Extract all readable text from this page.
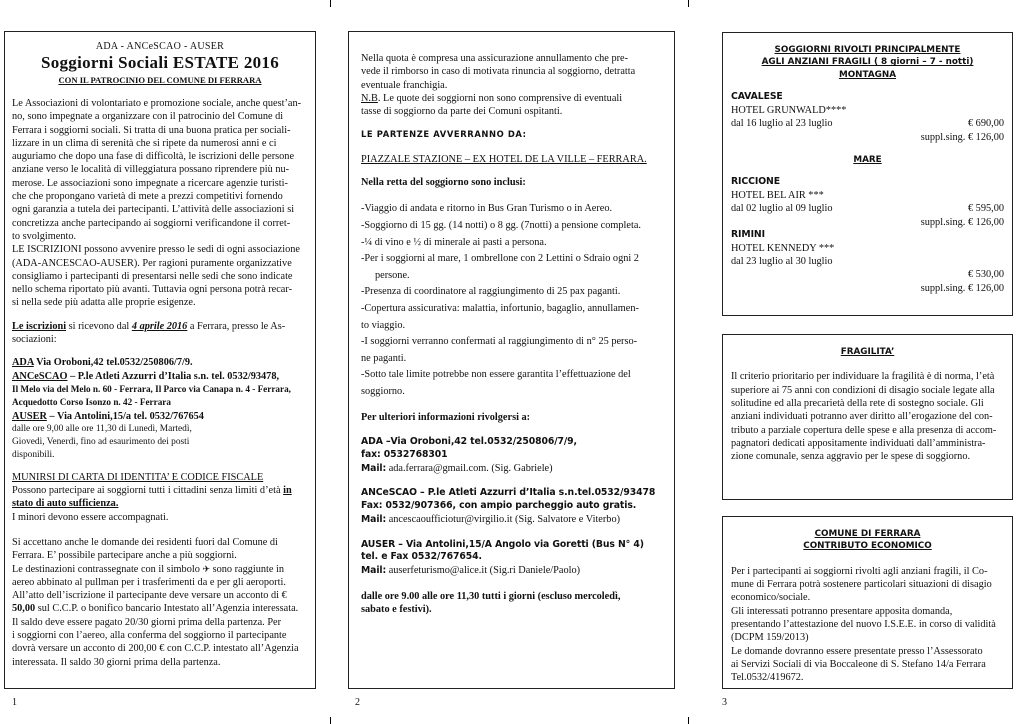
ADA - ANCeSCAO - AUSER
Soggiorni Sociali ESTATE 2016
CON IL PATROCINIO DEL COMUNE DI FERRARA

Le Associazioni di volontariato e promozione sociale, anche quest’an-

no, sono impegnate a organizzare con il patrocinio del Comune di

Ferrara i soggiorni sociali. Si tratta di una buona pratica per sociali-

lizzare in un clima di serenità che si ripete da numerosi anni e ci

auguriamo che dopo una fase di difficoltà, le iscrizioni delle persone

anziane verso le località di villeggiatura possano riprendere più nu-

merose. Le associazioni sono impegnate a ricercare agenzie turisti-

che che propongano varietà di mete a prezzi competitivi fornendo

ogni garanzia a tutela dei partecipanti. L’attività delle associazioni si

concretizza anche partecipando ai soggiorni verificandone il corret-

to svolgimento.

LE ISCRIZIONI possono avvenire presso le sedi di ogni associazione

(ADA-ANCESCAO-AUSER). Per ragioni puramente organizzative

consigliamo i partecipanti di presentarsi nelle sedi che sono indicate

nello schema riportato più avanti. Tuttavia ogni persona potrà recar-

si nella sede più adatta alle proprie esigenze.

Le iscrizioni si ricevono dal 4 aprile 2016 a Ferrara, presso le As-

sociazioni:

ADA Via Oroboni,42 tel.0532/250806/7/9.

ANCeSCAO – P.le Atleti Azzurri d’Italia s.n. tel. 0532/93478,

Il Melo via del Melo n. 60 - Ferrara, Il Parco via Canapa n. 4 - Ferrara,

Acquedotto Corso Isonzo n. 42 - Ferrara

AUSER – Via Antolini,15/a tel. 0532/767654

dalle ore 9,00 alle ore 11,30 di Lunedì, Martedì,

Giovedì, Venerdì, fino ad esaurimento dei posti

disponibili.

MUNIRSI DI CARTA DI IDENTITA’ E CODICE FISCALE

Possono partecipare ai soggiorni tutti i cittadini senza limiti d’età in

stato di auto sufficienza.

I minori devono essere accompagnati.

Si accettano anche le domande dei residenti fuori dal Comune di

Ferrara. E’ possibile partecipare anche a più soggiorni.

Le destinazioni contrassegnate con il simbolo ✈ sono raggiunte in

aereo abbinato al pullman per i trasferimenti da e per gli aeroporti.

All’atto dell’iscrizione il partecipante deve versare un acconto di €

50,00 sul C.C.P. o bonifico bancario Intestato all’Agenzia interessata.

Il saldo deve essere pagato 20/30 giorni prima della partenza. Per

i soggiorni con l’aereo, alla conferma del soggiorno il partecipante

dovrà versare un acconto di 200,00 € con C.C.P. intestato all’Agenzia

interessata. Il saldo 30 giorni prima della partenza.

Nella quota è compresa una assicurazione annullamento che pre-

vede il rimborso in caso di motivata rinuncia al soggiorno, detratta

eventuale franchigia.

N.B. Le quote dei soggiorni non sono comprensive di eventuali

tasse di soggiorno da parte dei Comuni ospitanti.

LE PARTENZE AVVERRANNO DA:
PIAZZALE STAZIONE – EX HOTEL DE LA VILLE – FERRARA.
Nella retta del soggiorno sono inclusi:

-Viaggio di andata e ritorno in Bus Gran Turismo o in Aereo.

-Soggiorno di 15 gg. (14 notti) o 8 gg. (7notti) a pensione completa.

-¼ di vino e ½ di minerale ai pasti a persona.

-Per i soggiorni al mare, 1 ombrellone con 2 Lettini o Sdraio ogni 2

persone.

-Presenza di coordinatore al raggiungimento di 25 pax paganti.

-Copertura assicurativa: malattia, infortunio, bagaglio, annullamen-

to viaggio.

-I soggiorni verranno confermati al raggiungimento di n° 25 perso-

ne paganti.

-Sotto tale limite potrebbe non essere garantita l’effettuazione del

soggiorno.

Per ulteriori informazioni rivolgersi a:

ADA –Via Oroboni,42 tel.0532/250806/7/9,

fax: 0532768301

Mail: ada.ferrara@gmail.com. (Sig. Gabriele)

ANCeSCAO – P.le Atleti Azzurri d’Italia s.n.tel.0532/93478

Fax: 0532/907366, con ampio parcheggio auto gratis.

Mail: ancescaoufficiotur@virgilio.it (Sig. Salvatore e Viterbo)

AUSER – Via Antolini,15/A Angolo via Goretti (Bus N° 4)

tel. e Fax 0532/767654.

Mail: auserfeturismo@alice.it (Sig.ri Daniele/Paolo)

dalle ore 9.00 alle ore 11,30 tutti i giorni (escluso mercoledì,

sabato e festivi).

SOGGIORNI RIVOLTI PRINCIPALMENTE
AGLI ANZIANI FRAGILI ( 8 giorni – 7 - notti)
MONTAGNA

CAVALESE

HOTEL GRUNWALD****

dal 16 luglio al 23 luglio	€ 690,00
suppl.sing. € 126,00
MARE

RICCIONE

HOTEL BEL AIR ***

dal 02 luglio al 09 luglio	€ 595,00
suppl.sing. € 126,00

RIMINI

HOTEL KENNEDY ***

dal 23 luglio al 30 luglio
€ 530,00
suppl.sing. € 126,00
FRAGILITA’

Il criterio prioritario per individuare la fragilità è di norma, l’età

superiore ai 75 anni con condizioni di disagio sociale legate alla

solitudine ed alla precarietà della rete di sostegno sociale. Gli

anziani individuati potranno aver diritto all’erogazione del con-

tributo a parziale copertura delle spese e alla presenza di accom-

pagnatori dedicati appositamente individuati dall’amministra-

zione comunale, senza aggravio per le spese di soggiorno.

COMUNE DI FERRARA
CONTRIBUTO ECONOMICO

Per i partecipanti ai soggiorni rivolti agli anziani fragili, il Co-

mune di Ferrara potrà sostenere particolari situazioni di disagio

economico/sociale.

Gli interessati potranno presentare apposita domanda,

presentando l’attestazione del nuovo I.S.E.E. in corso di validità

(DCPM 159/2013)

Le domande dovranno essere presentate presso l’Assessorato

ai Servizi Sociali di via Boccaleone di S. Stefano 14/a Ferrara

Tel.0532/419672.

1	2	3
